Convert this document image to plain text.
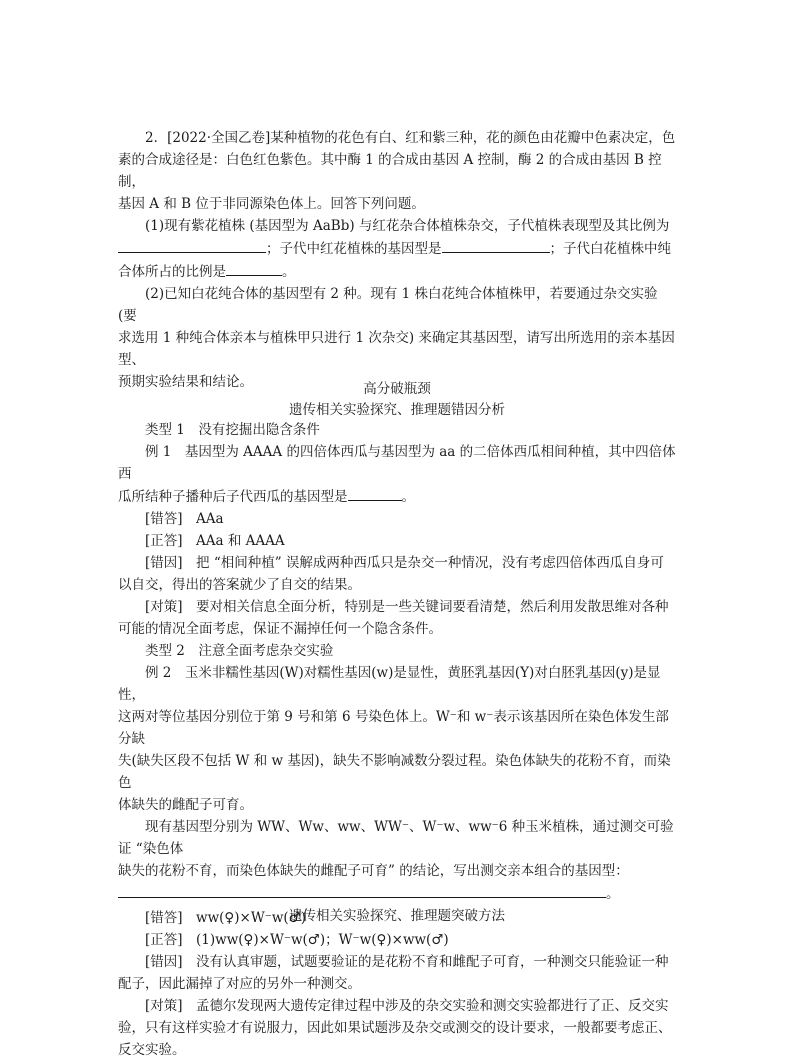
2．[2022·全国乙卷]某种植物的花色有白、红和紫三种，花的颜色由花瓣中色素决定，色

素的合成途径是：白色红色紫色。其中酶 1 的合成由基因 A 控制，酶 2 的合成由基因 B 控制，

基因 A 和 B 位于非同源染色体上。回答下列问题。

(1)现有紫花植株 (基因型为 AaBb) 与红花杂合体植株杂交，子代植株表现型及其比例为

；子代中红花植株的基因型是	；子代白花植株中纯

合体所占的比例是	。

(2)已知白花纯合体的基因型有 2 种。现有 1 株白花纯合体植株甲，若要通过杂交实验 (要

求选用 1 种纯合体亲本与植株甲只进行 1 次杂交) 来确定其基因型，请写出所选用的亲本基因型、

预期实验结果和结论。	高分破瓶颈
遗传相关实验探究、推理题错因分析

类型 1　没有挖掘出隐含条件

例 1　基因型为 AAAA 的四倍体西瓜与基因型为 aa 的二倍体西瓜相间种植，其中四倍体西

瓜所结种子播种后子代西瓜的基因型是	。

[错答]　AAa

[正答]　AAa 和 AAAA

[错因]　把 “相间种植” 误解成两种西瓜只是杂交一种情况，没有考虑四倍体西瓜自身可

以自交，得出的答案就少了自交的结果。

[对策]　要对相关信息全面分析，特别是一些关键词要看清楚，然后利用发散思维对各种

可能的情况全面考虑，保证不漏掉任何一个隐含条件。

类型 2　注意全面考虑杂交实验

例 2　玉米非糯性基因(W)对糯性基因(w)是显性，黄胚乳基因(Y)对白胚乳基因(y)是显性，

这两对等位基因分别位于第 9 号和第 6 号染色体上。W⁻和 w⁻表示该基因所在染色体发生部分缺

失(缺失区段不包括 W 和 w 基因)，缺失不影响减数分裂过程。染色体缺失的花粉不育，而染色

体缺失的雌配子可育。

现有基因型分别为 WW、Ww、ww、WW⁻、W⁻w、ww⁻6 种玉米植株，通过测交可验证 “染色体

缺失的花粉不育，而染色体缺失的雌配子可育” 的结论，写出测交亲本组合的基因型：

。

[错答]　ww(♀)×W⁻w(♂)

[正答]　(1)ww(♀)×W⁻w(♂)；W⁻w(♀)×ww(♂)

[错因]　没有认真审题，试题要验证的是花粉不育和雌配子可育，一种测交只能验证一种

配子，因此漏掉了对应的另外一种测交。

[对策]　孟德尔发现两大遗传定律过程中涉及的杂交实验和测交实验都进行了正、反交实

验，只有这样实验才有说服力，因此如果试题涉及杂交或测交的设计要求，一般都要考虑正、

反交实验。

遗传相关实验探究、推理题突破方法
